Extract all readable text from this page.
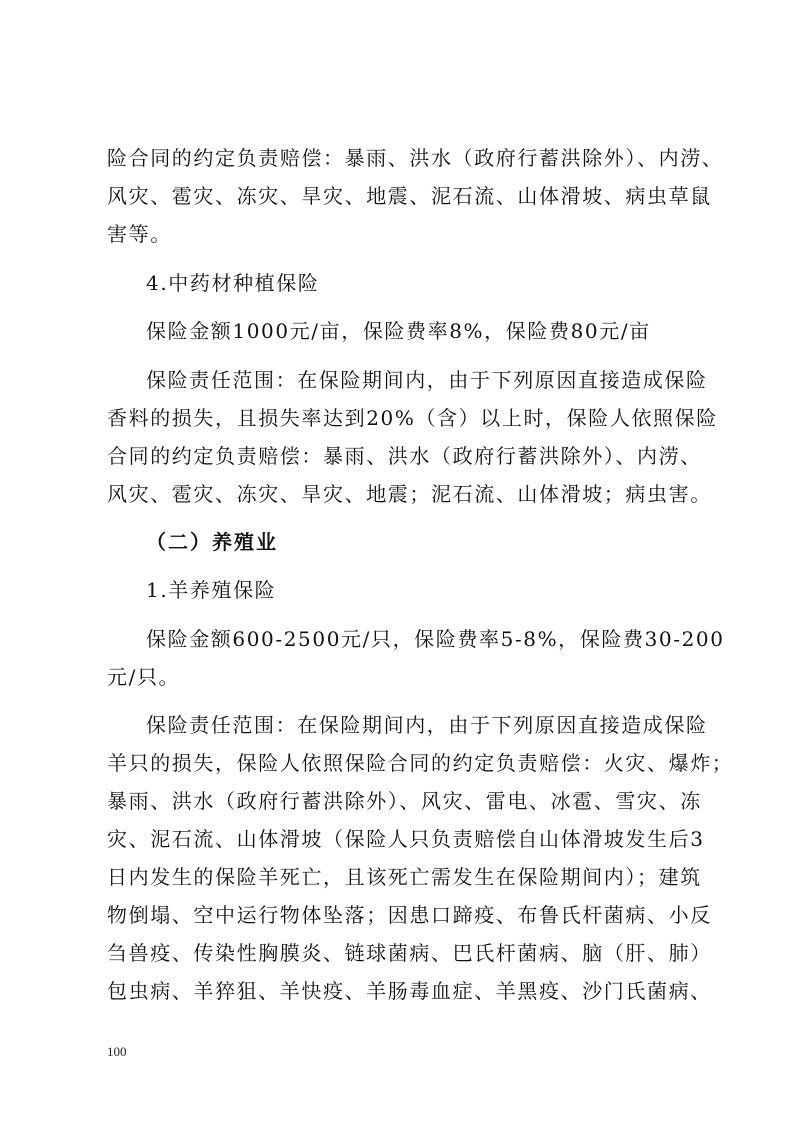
险合同的约定负责赔偿：暴雨、洪水（政府行蓄洪除外）、内涝、
风灾、雹灾、冻灾、旱灾、地震、泥石流、山体滑坡、病虫草鼠
害等。
4.中药材种植保险
保险金额1000元/亩，保险费率8%，保险费80元/亩
保险责任范围：在保险期间内，由于下列原因直接造成保险
香料的损失，且损失率达到20%（含）以上时，保险人依照保险
合同的约定负责赔偿：暴雨、洪水（政府行蓄洪除外）、内涝、
风灾、雹灾、冻灾、旱灾、地震；泥石流、山体滑坡；病虫害。
（二）养殖业
1.羊养殖保险
保险金额600-2500元/只，保险费率5-8%，保险费30-200
元/只。
保险责任范围：在保险期间内，由于下列原因直接造成保险
羊只的损失，保险人依照保险合同的约定负责赔偿：火灾、爆炸；
暴雨、洪水（政府行蓄洪除外）、风灾、雷电、冰雹、雪灾、冻
灾、泥石流、山体滑坡（保险人只负责赔偿自山体滑坡发生后3
日内发生的保险羊死亡，且该死亡需发生在保险期间内）；建筑
物倒塌、空中运行物体坠落；因患口蹄疫、布鲁氏杆菌病、小反
刍兽疫、传染性胸膜炎、链球菌病、巴氏杆菌病、脑（肝、肺）
包虫病、羊猝狙、羊快疫、羊肠毒血症、羊黑疫、沙门氏菌病、
100
